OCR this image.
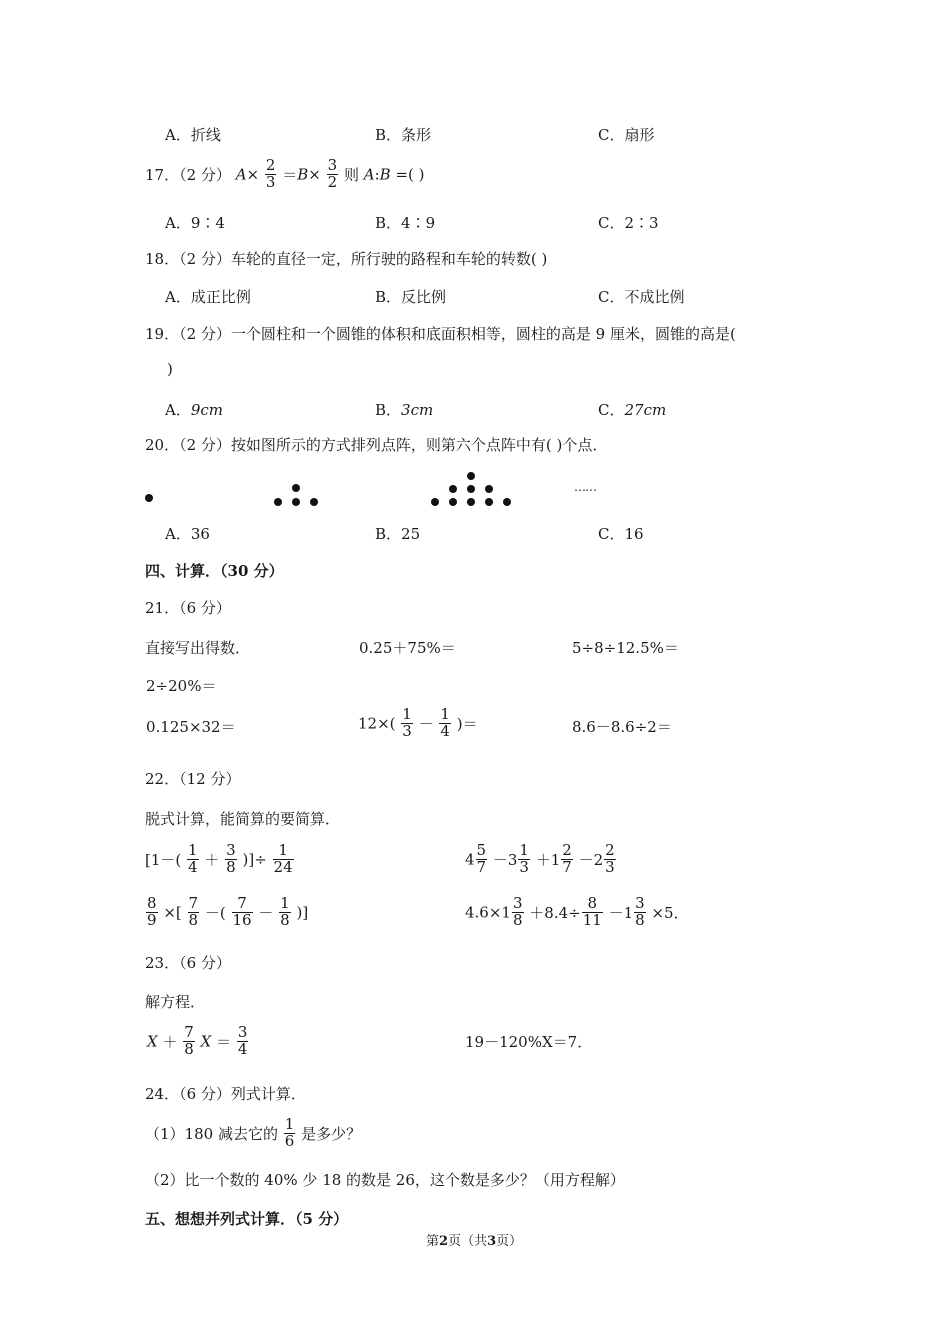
A．折线	B．条形	C．扇形
17．（2 分） $A\times \frac{2}{3} =B\times \frac{3}{2}$ 则 A:B =( )
A．9∶4	B．4∶9	C．2∶3
18．（2 分）车轮的直径一定，所行驶的路程和车轮的转数( )
A．成正比例	B．反比例	C．不成比例
19．（2 分）一个圆柱和一个圆锥的体积和底面积相等，圆柱的高是 9 厘米，圆锥的高是(
)
A．9cm	B．3cm	C．27cm
20．（2 分）按如图所示的方式排列点阵，则第六个点阵中有( )个点．
……
A．36	B．25	C．16
四、计算．（30 分）
21．（6 分）
直接写出得数．	0.25＋75%＝	5÷8÷12.5%＝
2÷20%＝
0.125×32＝	$12\times( \frac{1}{3} - \frac{1}{4}$ )＝	8.6－8.6÷2＝
22．（12 分）
脱式计算，能简算的要简算．
[$1-( \frac{1}{4} + \frac{3}{8}$ )]÷ $\frac{1}{24}$	$4 \frac{5}{7} -3 \frac{1}{3} +1 \frac{2}{7} -2 \frac{2}{3}$
$\frac{8}{9}$ ×[ $\frac{7}{8}$ －( $\frac{7}{16} - \frac{1}{8}$ )]	$4.6\times 1 \frac{3}{8} +8.4\div \frac{8}{11} -1 \frac{3}{8} \times 5$．
23．（6 分）
解方程．
$X + \frac{7}{8}$ $X = \frac{3}{4}$	19－120%X＝7．
24．（6 分）列式计算．
（1）180 减去它的 $\frac{1}{6}$ 是多少？
（2）比一个数的 40% 少 18 的数是 26，这个数是多少？（用方程解）
五、想想并列式计算．（5 分）
第2页（共3页）
